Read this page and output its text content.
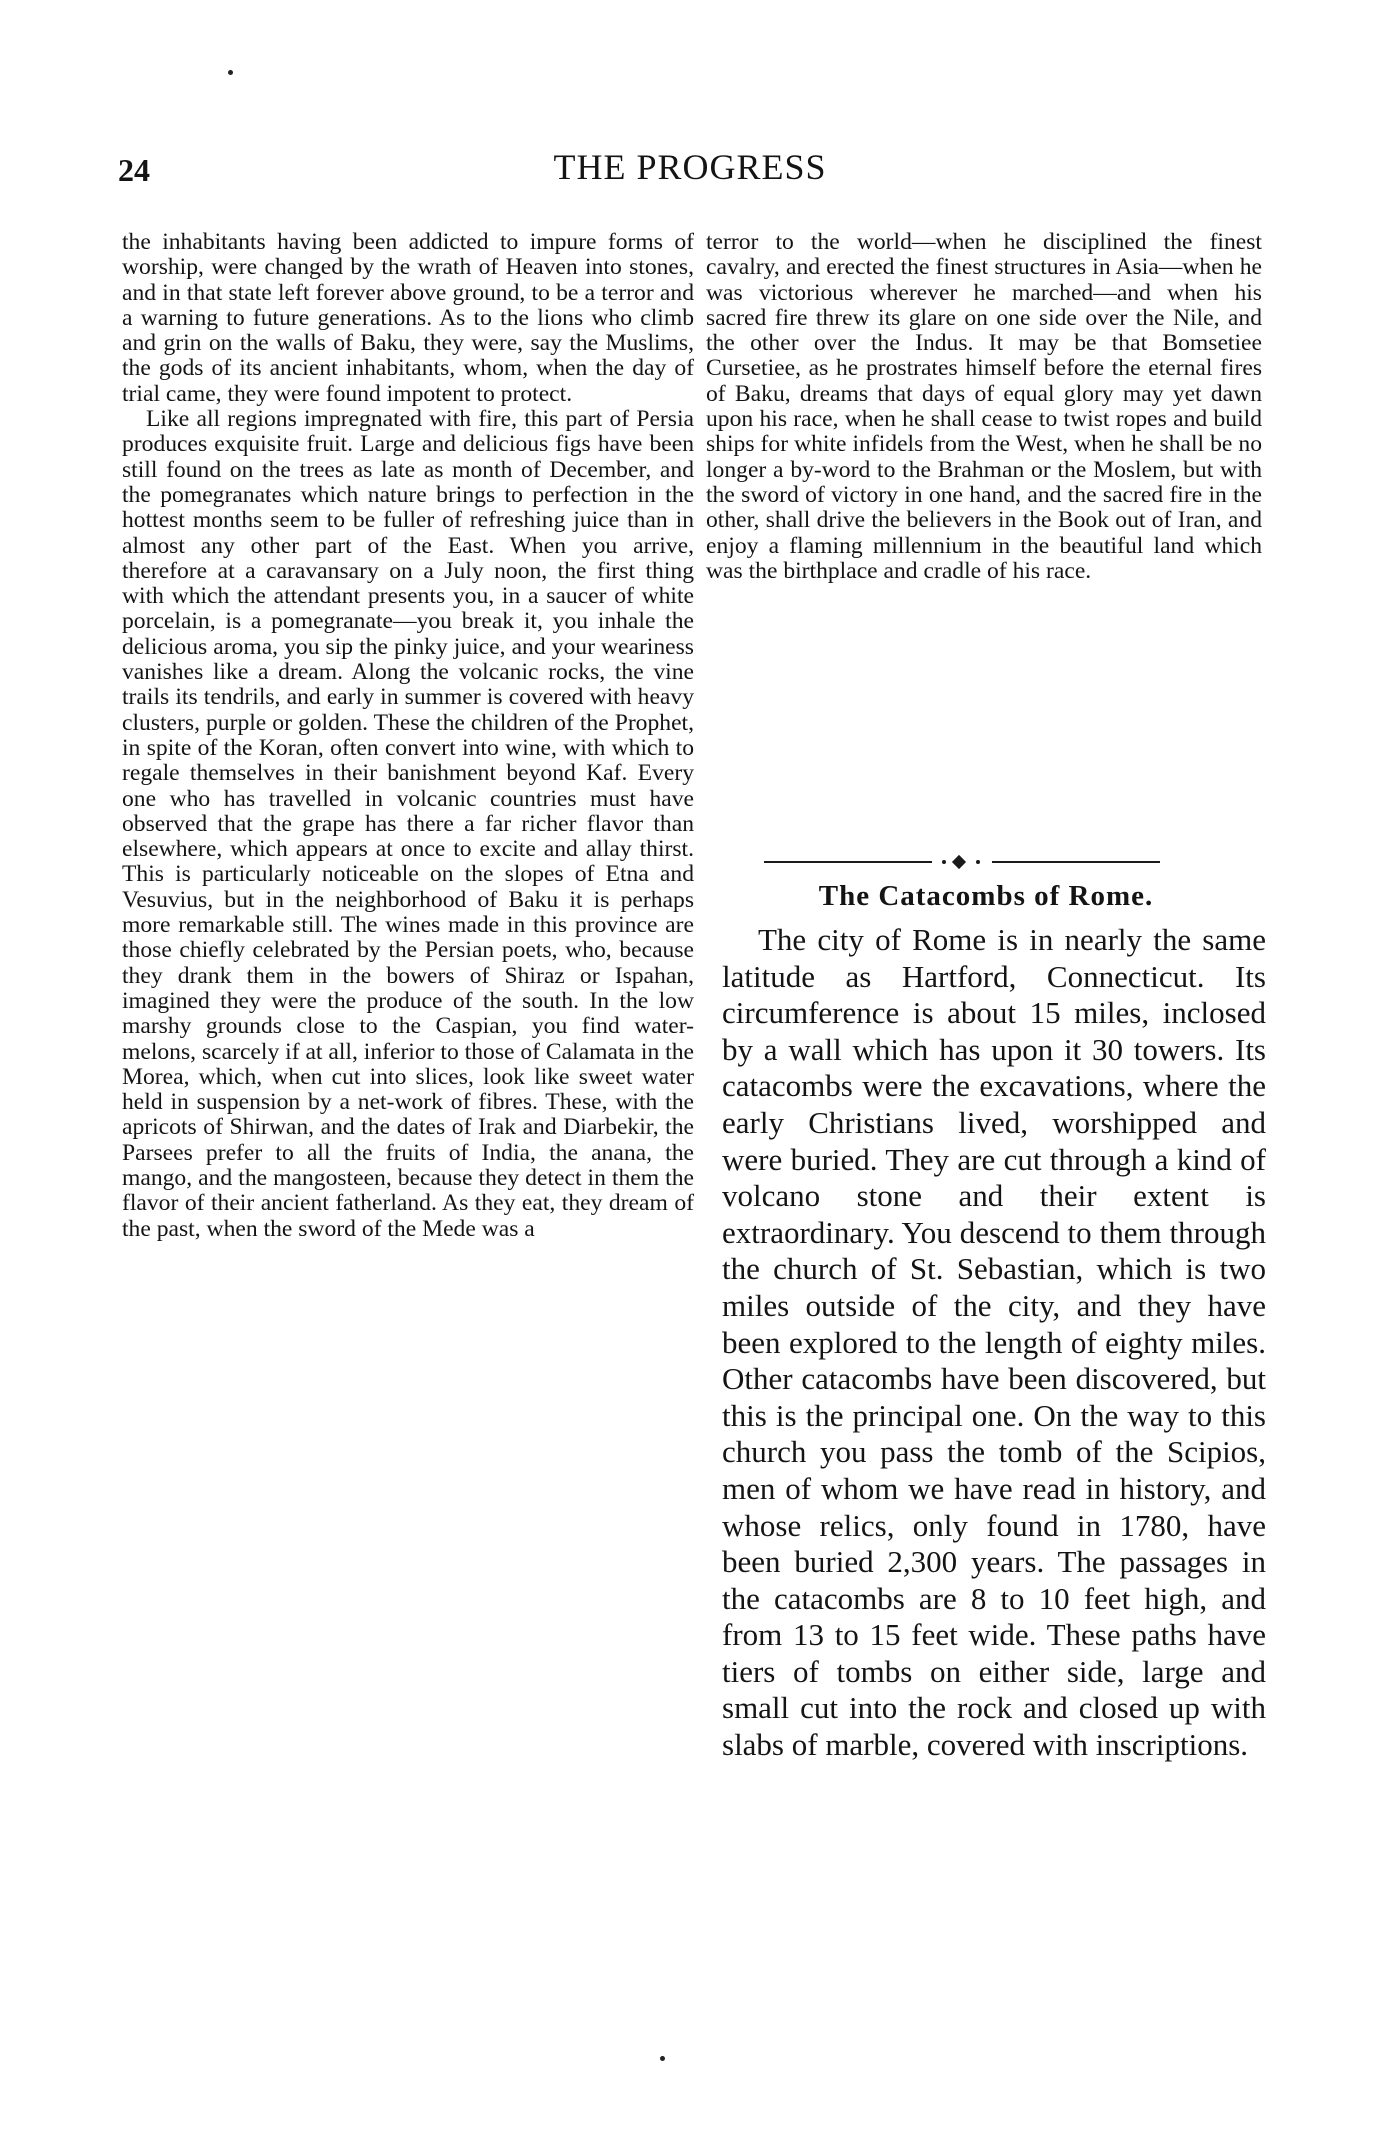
24	THE PROGRESS

the inhabitants having been addicted to impure forms of worship, were changed by the wrath of Heaven into stones, and in that state left forever above ground, to be a terror and a warning to future generations. As to the lions who climb and grin on the walls of Baku, they were, say the Muslims, the gods of its ancient inhabitants, whom, when the day of trial came, they were found impotent to protect.

Like all regions impregnated with fire, this part of Persia produces exquisite fruit. Large and delicious figs have been still found on the trees as late as month of December, and the pomegranates which nature brings to perfection in the hottest months seem to be fuller of refreshing juice than in almost any other part of the East. When you arrive, therefore at a caravansary on a July noon, the first thing with which the attendant presents you, in a saucer of white porcelain, is a pomegranate—you break it, you inhale the delicious aroma, you sip the pinky juice, and your weariness vanishes like a dream. Along the volcanic rocks, the vine trails its tendrils, and early in summer is covered with heavy clusters, purple or golden. These the children of the Prophet, in spite of the Koran, often convert into wine, with which to regale themselves in their banishment beyond Kaf. Every one who has travelled in volcanic countries must have observed that the grape has there a far richer flavor than elsewhere, which appears at once to excite and allay thirst. This is particularly noticeable on the slopes of Etna and Vesuvius, but in the neighborhood of Baku it is perhaps more remarkable still. The wines made in this province are those chiefly celebrated by the Persian poets, who, because they drank them in the bowers of Shiraz or Ispahan, imagined they were the produce of the south. In the low marshy grounds close to the Caspian, you find water-melons, scarcely if at all, inferior to those of Calamata in the Morea, which, when cut into slices, look like sweet water held in suspension by a net-work of fibres. These, with the apricots of Shirwan, and the dates of Irak and Diarbekir, the Parsees prefer to all the fruits of India, the anana, the mango, and the mangosteen, because they detect in them the flavor of their ancient fatherland. As they eat, they dream of the past, when the sword of the Mede was a

terror to the world—when he disciplined the finest cavalry, and erected the finest structures in Asia—when he was victorious wherever he marched—and when his sacred fire threw its glare on one side over the Nile, and the other over the Indus. It may be that Bomsetiee Cursetiee, as he prostrates himself before the eternal fires of Baku, dreams that days of equal glory may yet dawn upon his race, when he shall cease to twist ropes and build ships for white infidels from the West, when he shall be no longer a by-word to the Brahman or the Moslem, but with the sword of victory in one hand, and the sacred fire in the other, shall drive the believers in the Book out of Iran, and enjoy a flaming millennium in the beautiful land which was the birthplace and cradle of his race.

The Catacombs of Rome.

The city of Rome is in nearly the same latitude as Hartford, Connecticut. Its circumference is about 15 miles, inclosed by a wall which has upon it 30 towers. Its catacombs were the excavations, where the early Christians lived, worshipped and were buried. They are cut through a kind of volcano stone and their extent is extraordinary. You descend to them through the church of St. Sebastian, which is two miles outside of the city, and they have been explored to the length of eighty miles. Other catacombs have been discovered, but this is the principal one. On the way to this church you pass the tomb of the Scipios, men of whom we have read in history, and whose relics, only found in 1780, have been buried 2,300 years. The passages in the catacombs are 8 to 10 feet high, and from 13 to 15 feet wide. These paths have tiers of tombs on either side, large and small cut into the rock and closed up with slabs of marble, covered with inscriptions.
